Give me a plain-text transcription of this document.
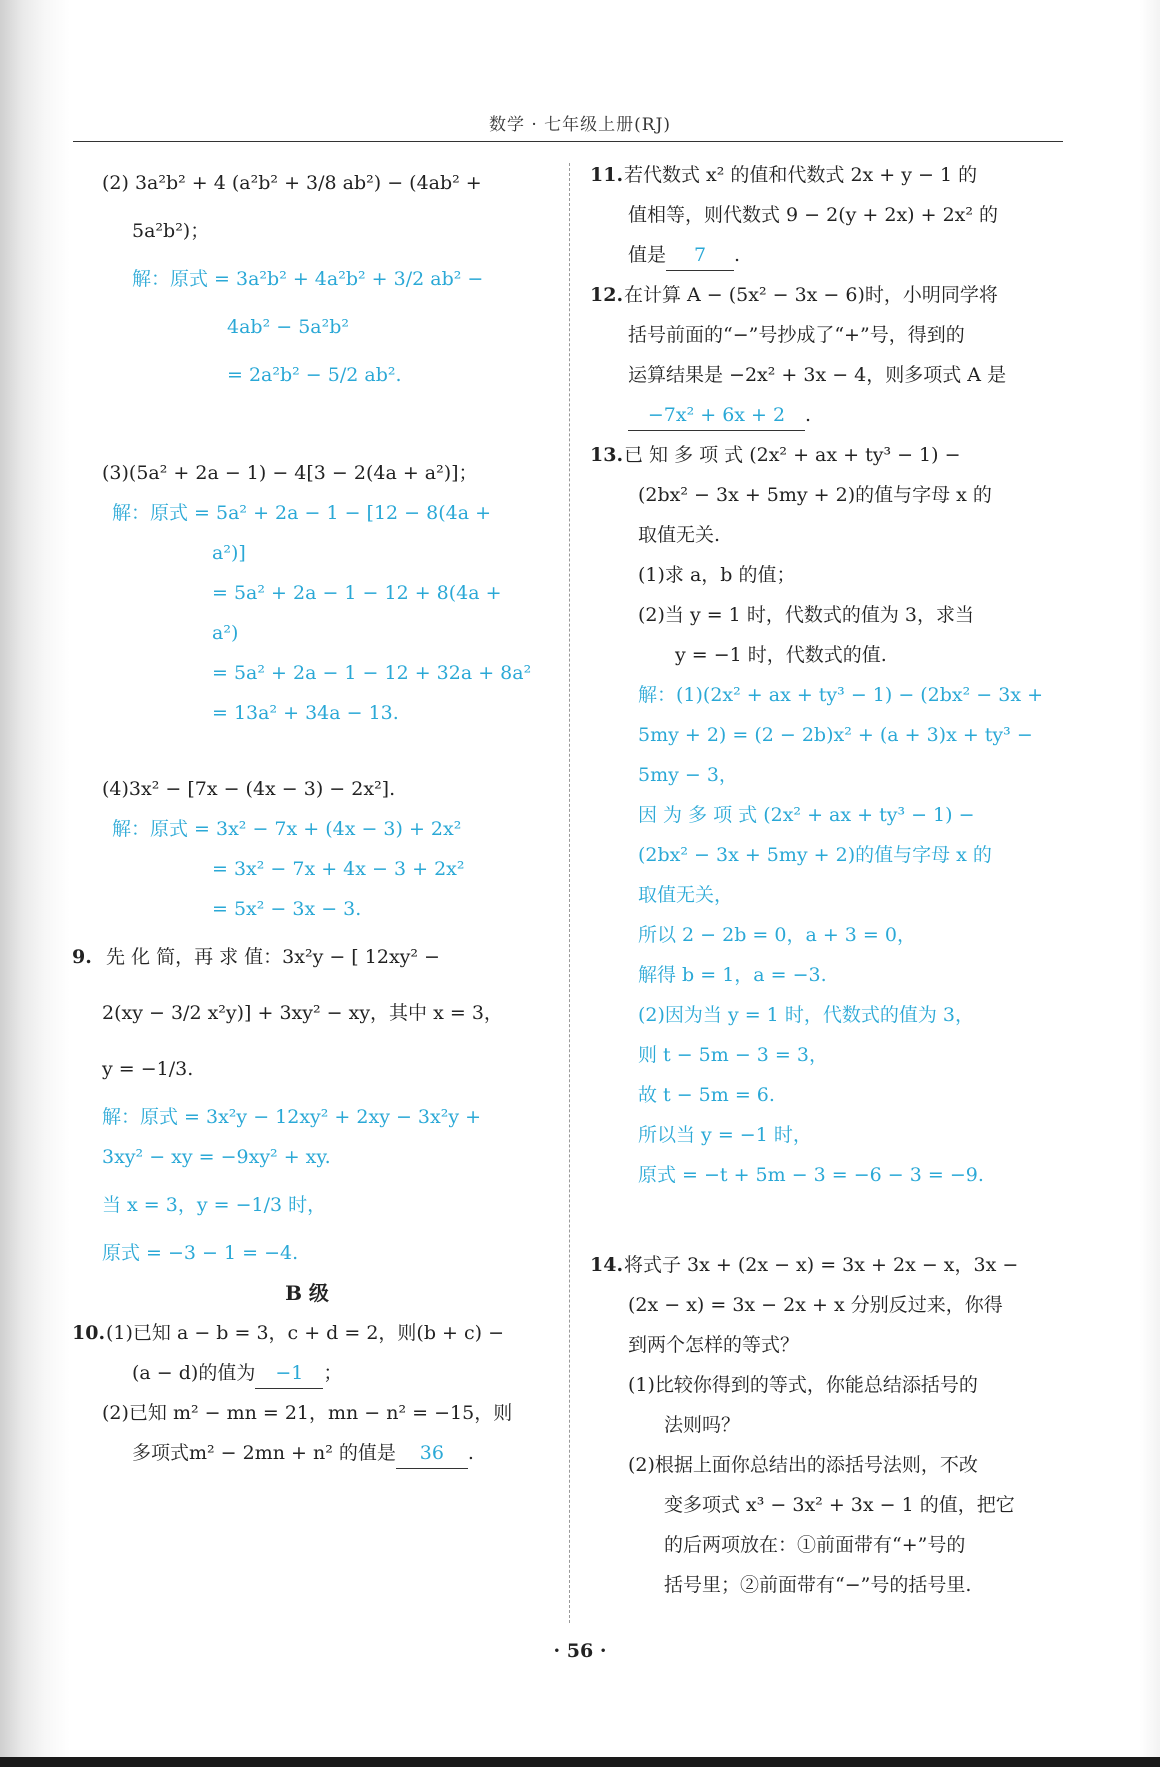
数学 · 七年级上册(RJ)
(2) 3a²b² + 4 (a²b² + 3/8 ab²) − (4ab² +
5a²b²)；
解：原式 = 3a²b² + 4a²b² + 3/2 ab² −
4ab² − 5a²b²
= 2a²b² − 5/2 ab².
(3)(5a² + 2a − 1) − 4[3 − 2(4a + a²)]；
解：原式 = 5a² + 2a − 1 − [12 − 8(4a +
a²)]
= 5a² + 2a − 1 − 12 + 8(4a +
a²)
= 5a² + 2a − 1 − 12 + 32a + 8a²
= 13a² + 34a − 13.
(4)3x² − [7x − (4x − 3) − 2x²].
解：原式 = 3x² − 7x + (4x − 3) + 2x²
= 3x² − 7x + 4x − 3 + 2x²
= 5x² − 3x − 3.
9. 先 化 简，再 求 值：3x²y − [ 12xy² −
2(xy − 3/2 x²y)] + 3xy² − xy，其中 x = 3，
y = −1/3.
解：原式 = 3x²y − 12xy² + 2xy − 3x²y +
3xy² − xy = −9xy² + xy.
当 x = 3，y = −1/3 时，
原式 = −3 − 1 = −4.
B 级
10.(1)已知 a − b = 3，c + d = 2，则(b + c) −
(a − d)的值为 −1 ；
(2)已知 m² − mn = 21，mn − n² = −15，则
多项式m² − 2mn + n² 的值是 36 .
11.若代数式 x² 的值和代数式 2x + y − 1 的
值相等，则代数式 9 − 2(y + 2x) + 2x² 的
值是 7 .
12.在计算 A − (5x² − 3x − 6)时，小明同学将
括号前面的“−”号抄成了“+”号，得到的
运算结果是 −2x² + 3x − 4，则多项式 A 是
−7x² + 6x + 2 .
13.已 知 多 项 式 (2x² + ax + ty³ − 1) −
(2bx² − 3x + 5my + 2)的值与字母 x 的
取值无关.
(1)求 a，b 的值；
(2)当 y = 1 时，代数式的值为 3，求当
y = −1 时，代数式的值.
解：(1)(2x² + ax + ty³ − 1) − (2bx² − 3x +
5my + 2) = (2 − 2b)x² + (a + 3)x + ty³ −
5my − 3，
因 为 多 项 式 (2x² + ax + ty³ − 1) −
(2bx² − 3x + 5my + 2)的值与字母 x 的
取值无关，
所以 2 − 2b = 0，a + 3 = 0，
解得 b = 1，a = −3.
(2)因为当 y = 1 时，代数式的值为 3，
则 t − 5m − 3 = 3，
故 t − 5m = 6.
所以当 y = −1 时，
原式 = −t + 5m − 3 = −6 − 3 = −9.
14.将式子 3x + (2x − x) = 3x + 2x − x，3x −
(2x − x) = 3x − 2x + x 分别反过来，你得
到两个怎样的等式？
(1)比较你得到的等式，你能总结添括号的
法则吗？
(2)根据上面你总结出的添括号法则，不改
变多项式 x³ − 3x² + 3x − 1 的值，把它
的后两项放在：①前面带有“+”号的
括号里；②前面带有“−”号的括号里.
· 56 ·
